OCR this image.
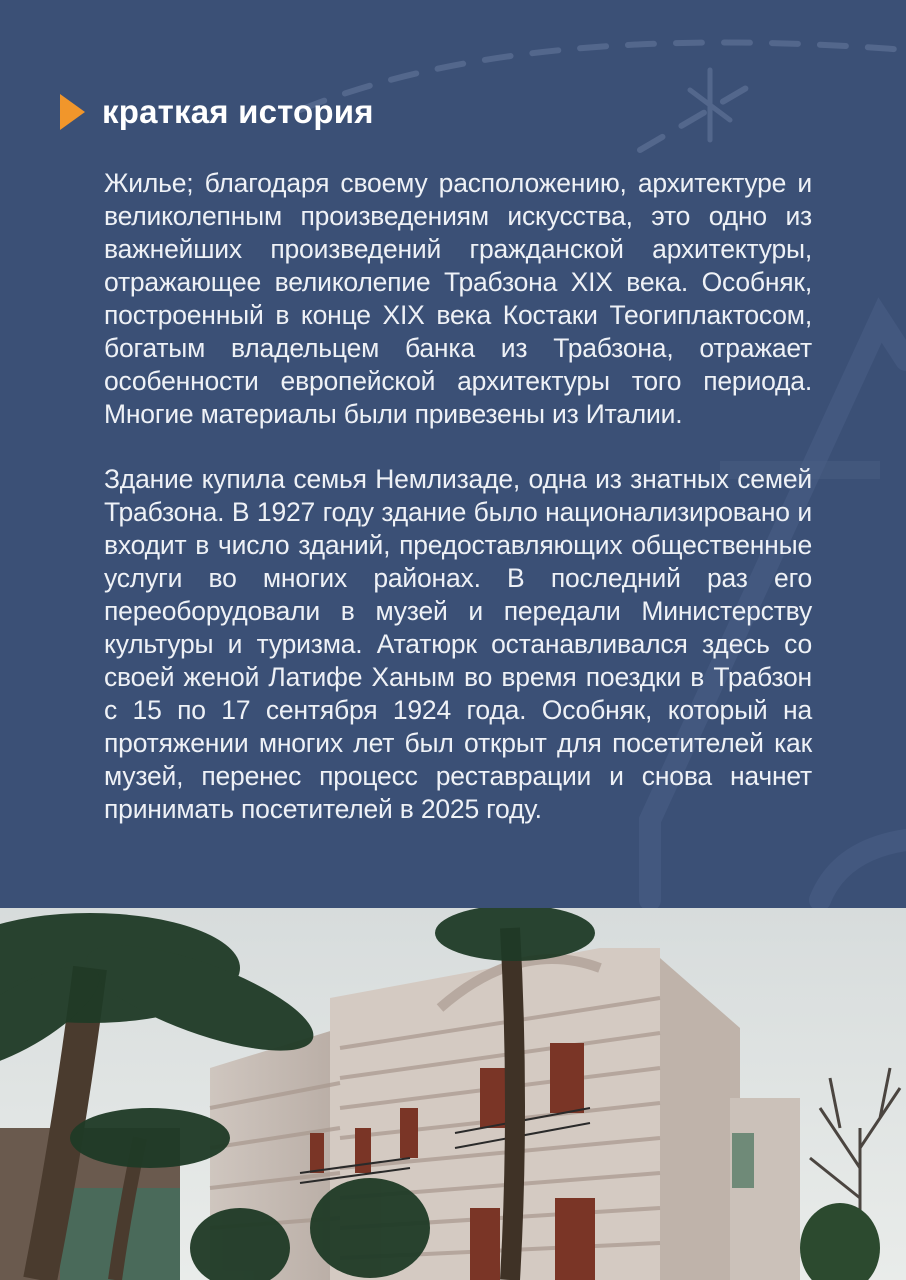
краткая история

Жилье; благодаря своему расположению, архитектуре и великолепным произведениям искусства, это одно из важнейших произведений гражданской архитектуры, отражающее великолепие Трабзона XIX века. Особняк, построенный в конце XIX века Костаки Теогиплактосом, богатым владельцем банка из Трабзона, отражает особенности европейской архитектуры того периода. Многие материалы были привезены из Италии.

Здание купила семья Немлизаде, одна из знатных семей Трабзона. В 1927 году здание было национализировано и входит в число зданий, предоставляющих общественные услуги во многих районах. В последний раз его переоборудовали в музей и передали Министерству культуры и туризма. Ататюрк останавливался здесь со своей женой Латифе Ханым во время поездки в Трабзон с 15 по 17 сентября 1924 года. Особняк, который на протяжении многих лет был открыт для посетителей как музей, перенес процесс реставрации и снова начнет принимать посетителей в 2025 году.
